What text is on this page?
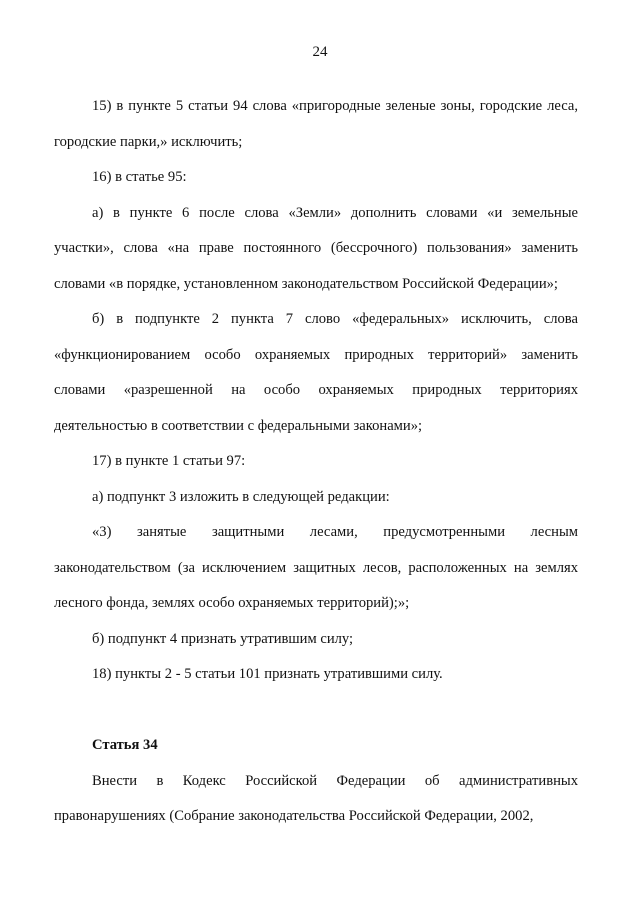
24

15) в пункте 5 статьи 94 слова «пригородные зеленые зоны, городские леса, городские парки,» исключить;

16) в статье 95:

а) в пункте 6 после слова «Земли» дополнить словами «и земельные участки», слова «на праве постоянного (бессрочного) пользования» заменить словами «в порядке, установленном законодательством Российской Федерации»;

б) в подпункте 2 пункта 7 слово «федеральных» исключить, слова «функционированием особо охраняемых природных территорий» заменить словами «разрешенной на особо охраняемых природных территориях деятельностью в соответствии с федеральными законами»;

17) в пункте 1 статьи 97:

а) подпункт 3 изложить в следующей редакции:

«3) занятые защитными лесами, предусмотренными лесным законодательством (за исключением защитных лесов, расположенных на землях лесного фонда, землях особо охраняемых территорий);»;

б) подпункт 4 признать утратившим силу;

18) пункты 2 - 5 статьи 101 признать утратившими силу.

Статья 34

Внести в Кодекс Российской Федерации об административных правонарушениях (Собрание законодательства Российской Федерации, 2002,
